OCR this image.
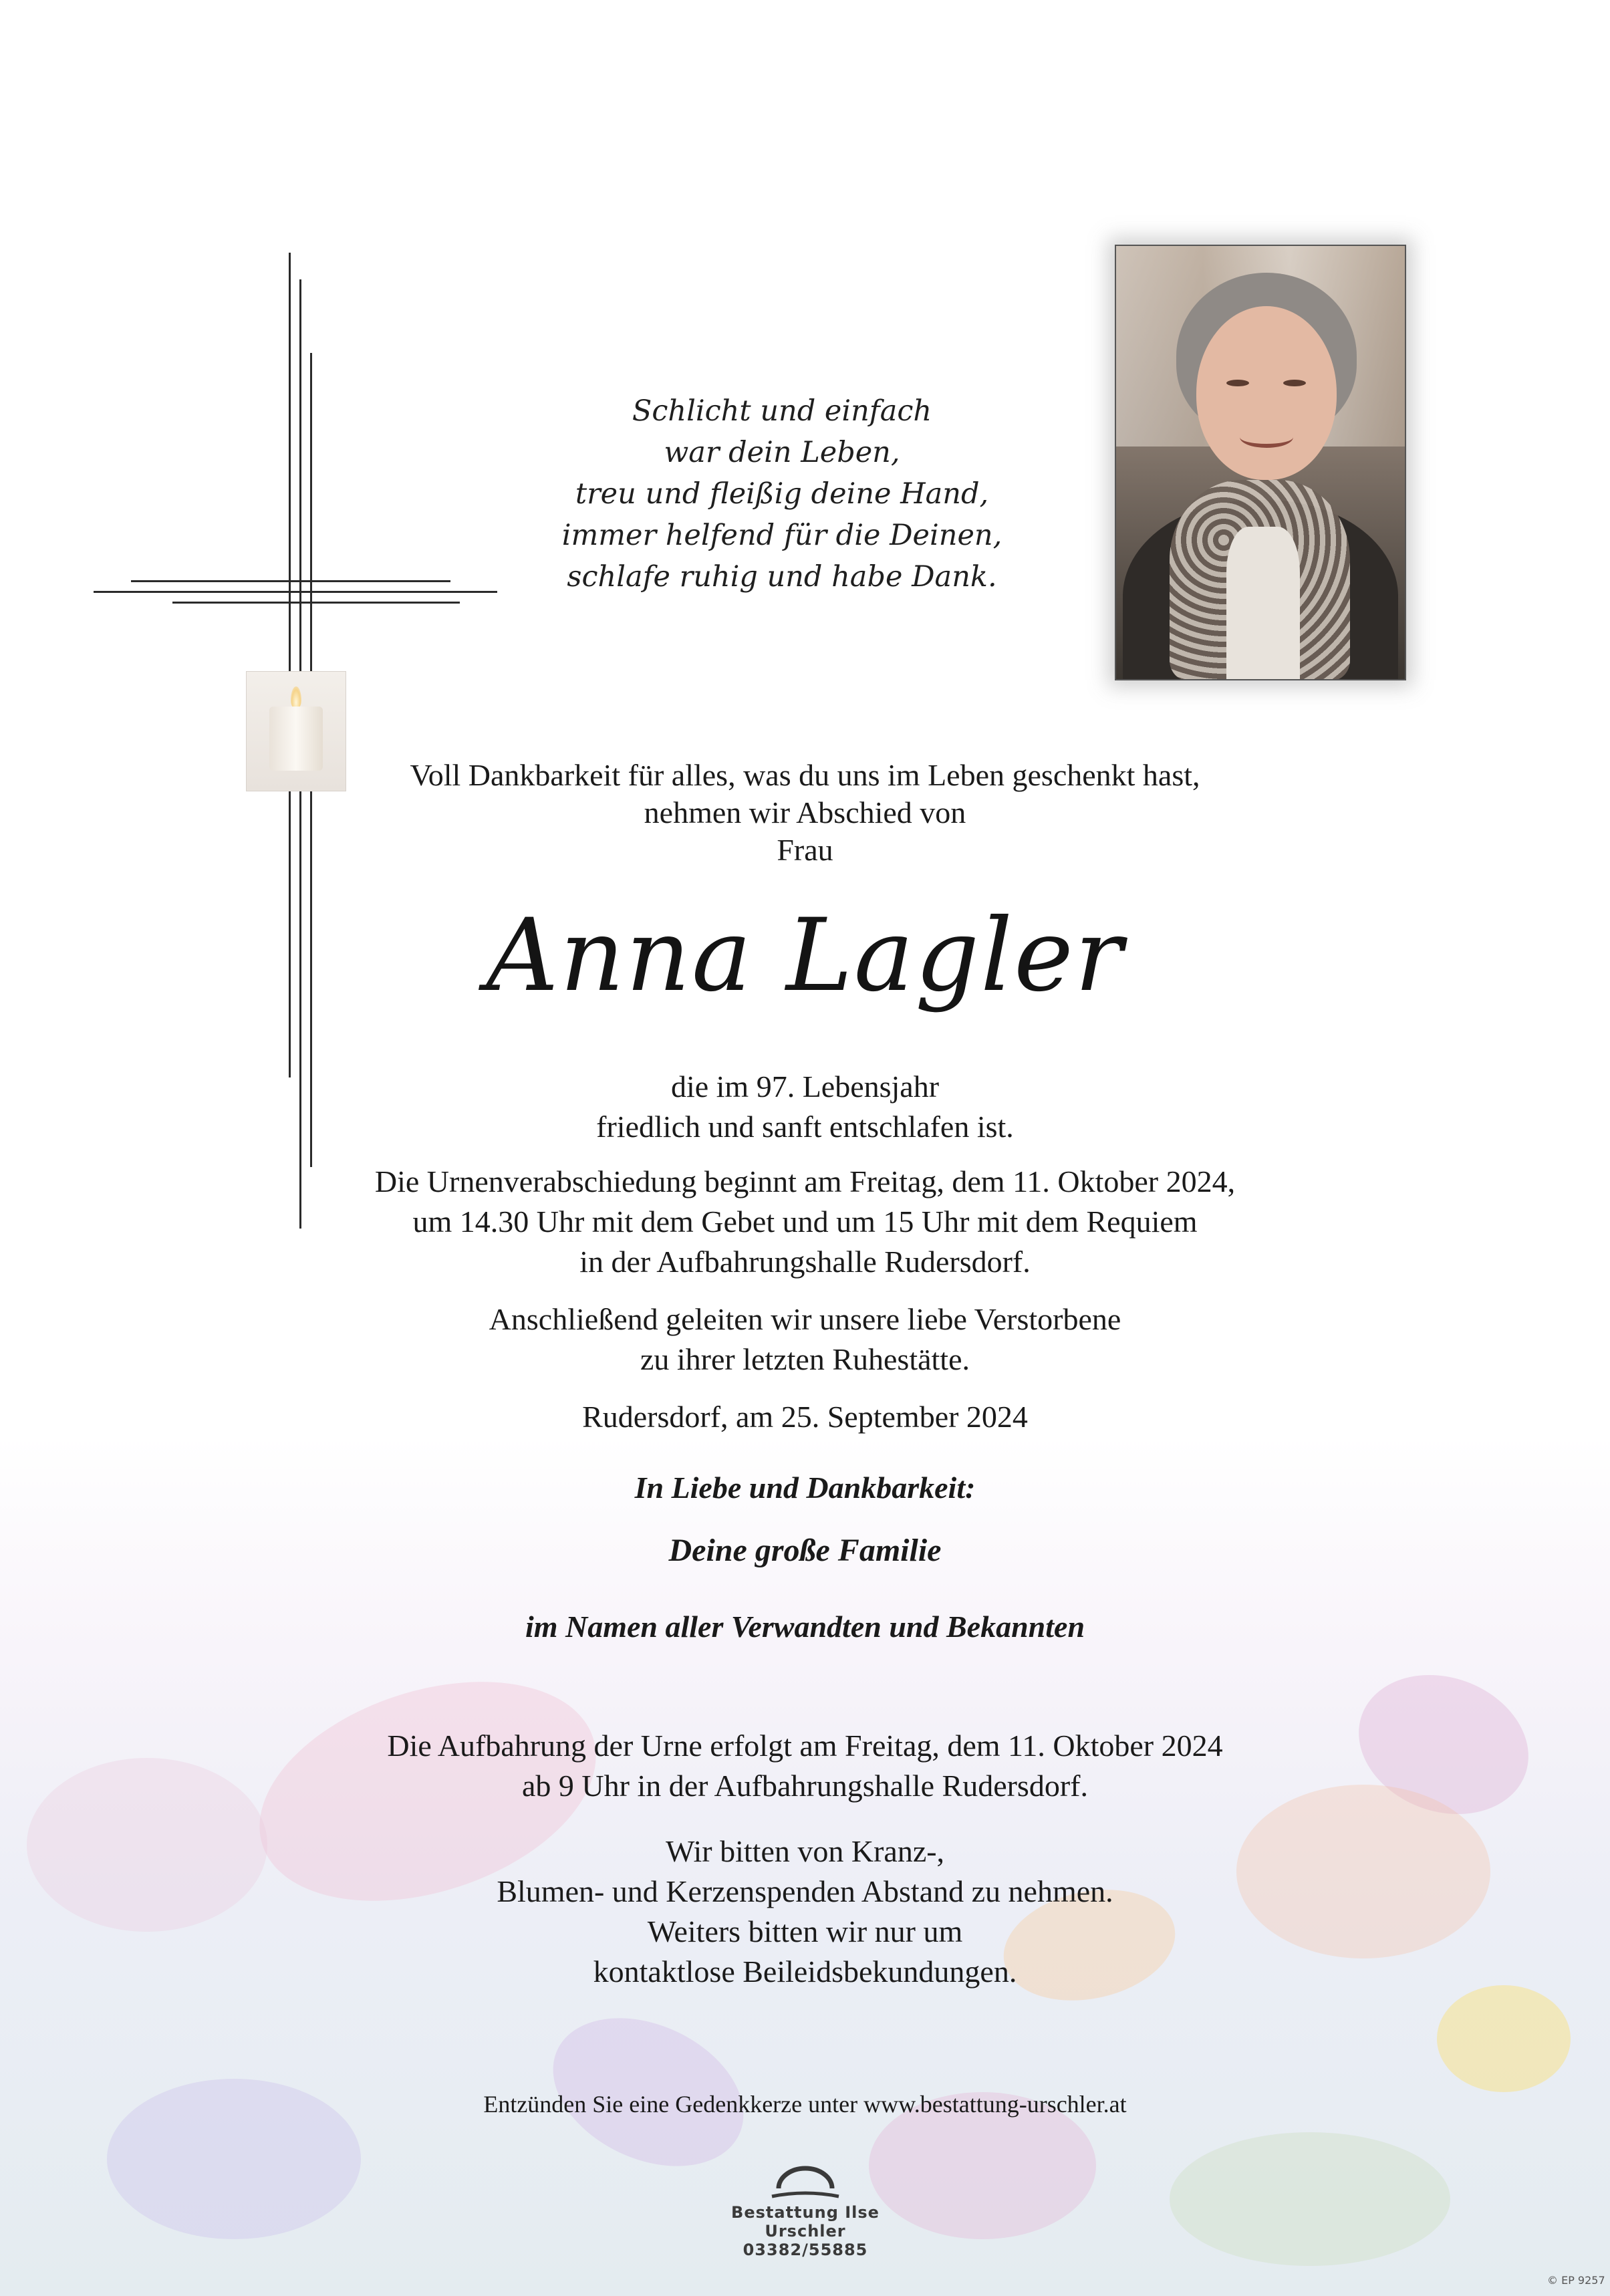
Schlicht und einfach
war dein Leben,
treu und fleißig deine Hand,
immer helfend für die Deinen,
schlafe ruhig und habe Dank.
Voll Dankbarkeit für alles, was du uns im Leben geschenkt hast,
nehmen wir Abschied von
Frau
Anna Lagler
die im 97. Lebensjahr
friedlich und sanft entschlafen ist.
Die Urnenverabschiedung beginnt am Freitag, dem 11. Oktober 2024,
um 14.30 Uhr mit dem Gebet und um 15 Uhr mit dem Requiem
in der Aufbahrungshalle Rudersdorf.
Anschließend geleiten wir unsere liebe Verstorbene
zu ihrer letzten Ruhestätte.
Rudersdorf, am 25. September 2024
In Liebe und Dankbarkeit:
Deine große Familie
im Namen aller Verwandten und Bekannten
Die Aufbahrung der Urne erfolgt am Freitag, dem 11. Oktober 2024
ab 9 Uhr in der Aufbahrungshalle Rudersdorf.
Wir bitten von Kranz-,
Blumen- und Kerzenspenden Abstand zu nehmen.
Weiters bitten wir nur um
kontaktlose Beileidsbekundungen.
Entzünden Sie eine Gedenkkerze unter www.bestattung-urschler.at
Bestattung Ilse Urschler
03382/55885
© EP 9257
